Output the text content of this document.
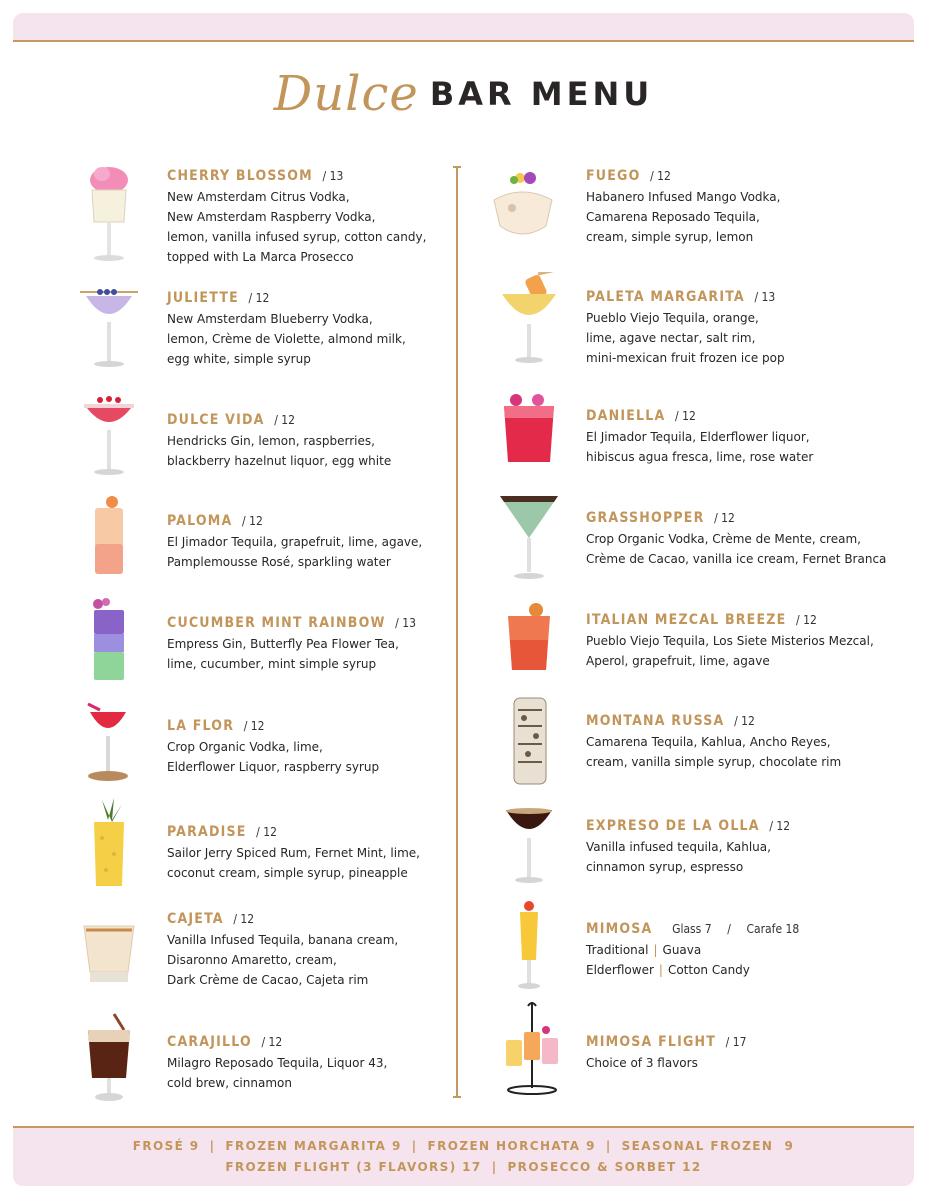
Dulce BAR MENU
CHERRY BLOSSOM / 13
New Amsterdam Citrus Vodka,
New Amsterdam Raspberry Vodka,
lemon, vanilla infused syrup, cotton candy,
topped with La Marca Prosecco
JULIETTE / 12
New Amsterdam Blueberry Vodka,
lemon, Crème de Violette, almond milk,
egg white, simple syrup
DULCE VIDA / 12
Hendricks Gin, lemon, raspberries,
blackberry hazelnut liquor, egg white
PALOMA / 12
El Jimador Tequila, grapefruit, lime, agave,
Pamplemousse Rosé, sparkling water
CUCUMBER MINT RAINBOW / 13
Empress Gin, Butterfly Pea Flower Tea,
lime, cucumber, mint simple syrup
LA FLOR / 12
Crop Organic Vodka, lime,
Elderflower Liquor, raspberry syrup
PARADISE / 12
Sailor Jerry Spiced Rum, Fernet Mint, lime,
coconut cream, simple syrup, pineapple
CAJETA / 12
Vanilla Infused Tequila, banana cream,
Disaronno Amaretto, cream,
Dark Crème de Cacao, Cajeta rim
CARAJILLO / 12
Milagro Reposado Tequila, Liquor 43,
cold brew, cinnamon
FUEGO / 12
Habanero Infused Mango Vodka,
Camarena Reposado Tequila,
cream, simple syrup, lemon
PALETA MARGARITA / 13
Pueblo Viejo Tequila, orange,
lime, agave nectar, salt rim,
mini-mexican fruit frozen ice pop
DANIELLA / 12
El Jimador Tequila, Elderflower liquor,
hibiscus agua fresca, lime, rose water
GRASSHOPPER / 12
Crop Organic Vodka, Crème de Mente, cream,
Crème de Cacao, vanilla ice cream, Fernet Branca
ITALIAN MEZCAL BREEZE / 12
Pueblo Viejo Tequila, Los Siete Misterios Mezcal,
Aperol, grapefruit, lime, agave
MONTANA RUSSA / 12
Camarena Tequila, Kahlua, Ancho Reyes,
cream, vanilla simple syrup, chocolate rim
EXPRESO DE LA OLLA / 12
Vanilla infused tequila, Kahlua,
cinnamon syrup, espresso
MIMOSA Glass 7 / Carafe 18
Traditional | Guava
Elderflower | Cotton Candy
MIMOSA FLIGHT / 17
Choice of 3 flavors
FROSÉ 9 | FROZEN MARGARITA 9 | FROZEN HORCHATA 9 | SEASONAL FROZEN  9
FROZEN FLIGHT (3 FLAVORS) 17 | PROSECCO & SORBET 12
